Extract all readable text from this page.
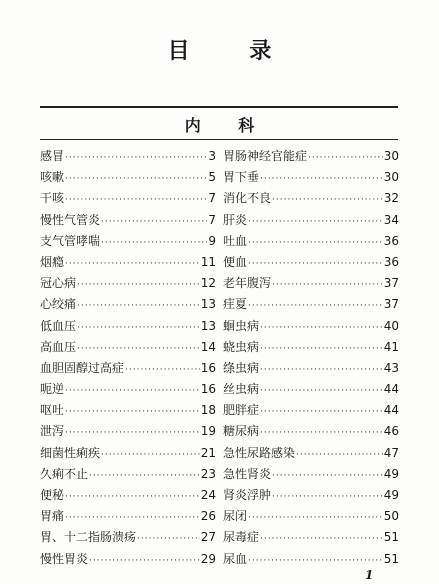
目 录
内 科
感冒 ·····	3
咳嗽 ·····	5
干咳 ·····	7
慢性气管炎 ·····	7
支气管哮喘 ·····	9
烟瘾 ·····	11
冠心病 ·····	12
心绞痛 ·····	13
低血压 ·····	13
高血压 ·····	14
血胆固醇过高症 ·····	16
呃逆 ·····	16
呕吐 ·····	18
泄泻 ·····	19
细菌性痢疾 ·····	21
久痢不止 ·····	23
便秘 ·····	24
胃痛 ·····	26
胃、十二指肠溃疡 ·····	27
慢性胃炎 ·····	29
胃肠神经官能症 ·····	30
胃下垂 ·····	30
消化不良 ·····	32
肝炎 ·····	34
吐血 ·····	36
便血 ·····	36
老年腹泻 ·····	37
疰夏 ·····	37
蛔虫病 ·····	40
蛲虫病 ·····	41
绦虫病 ·····	43
丝虫病 ·····	44
肥胖症 ·····	44
糖尿病 ·····	46
急性尿路感染 ·····	47
急性肾炎 ·····	49
肾炎浮肿 ·····	49
尿闭 ·····	50
尿毒症 ·····	51
尿血 ·····	51
1
